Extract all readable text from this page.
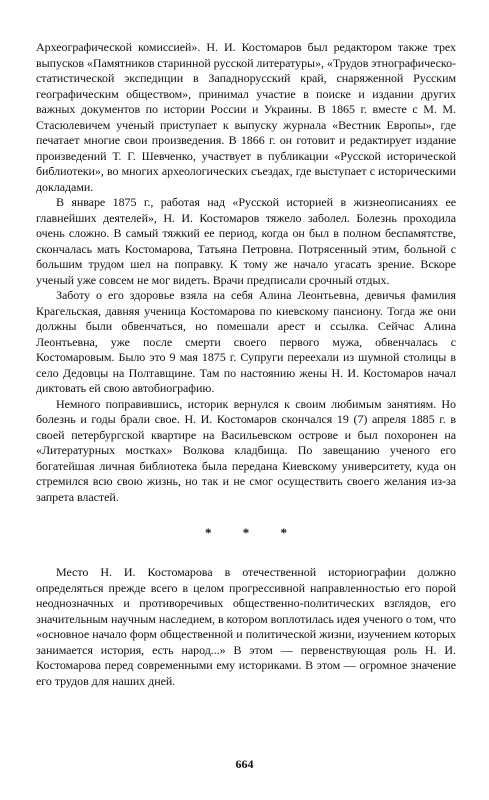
Археографической комиссией». Н. И. Костомаров был редактором также трех выпусков «Памятников старинной русской литературы», «Трудов этнографическо-статистической экспедиции в Западнорусский край, снаряженной Русским географическим обществом», принимал участие в поиске и издании других важных документов по истории России и Украины. В 1865 г. вместе с М. М. Стасюлевичем ученый приступает к выпуску журнала «Вестник Европы», где печатает многие свои произведения. В 1866 г. он готовит и редактирует издание произведений Т. Г. Шевченко, участвует в публикации «Русской исторической библиотеки», во многих археологических съездах, где выступает с историческими докладами.

В январе 1875 г., работая над «Русской историей в жизнеописаниях ее главнейших деятелей», Н. И. Костомаров тяжело заболел. Болезнь проходила очень сложно. В самый тяжкий ее период, когда он был в полном беспамятстве, скончалась мать Костомарова, Татьяна Петровна. Потрясенный этим, больной с большим трудом шел на поправку. К тому же начало угасать зрение. Вскоре ученый уже совсем не мог видеть. Врачи предписали срочный отдых.

Заботу о его здоровье взяла на себя Алина Леонтьевна, девичья фамилия Крагельская, давняя ученица Костомарова по киевскому пансиону. Тогда же они должны были обвенчаться, но помешали арест и ссылка. Сейчас Алина Леонтьевна, уже после смерти своего первого мужа, обвенчалась с Костомаровым. Было это 9 мая 1875 г. Супруги переехали из шумной столицы в село Дедовцы на Полтавщине. Там по настоянию жены Н. И. Костомаров начал диктовать ей свою автобиографию.

Немного поправившись, историк вернулся к своим любимым занятиям. Но болезнь и годы брали свое. Н. И. Костомаров скончался 19 (7) апреля 1885 г. в своей петербургской квартире на Васильевском острове и был похоронен на «Литературных мостках» Волкова кладбища. По завещанию ученого его богатейшая личная библиотека была передана Киевскому университету, куда он стремился всю свою жизнь, но так и не смог осуществить своего желания из-за запрета властей.

* * *

Место Н. И. Костомарова в отечественной историографии должно определяться прежде всего в целом прогрессивной направленностью его порой неоднозначных и противоречивых общественно-политических взглядов, его значительным научным наследием, в котором воплотилась идея ученого о том, что «основное начало форм общественной и политической жизни, изучением которых занимается история, есть народ...» В этом — первенствующая роль Н. И. Костомарова перед современными ему историками. В этом — огромное значение его трудов для наших дней.

664
